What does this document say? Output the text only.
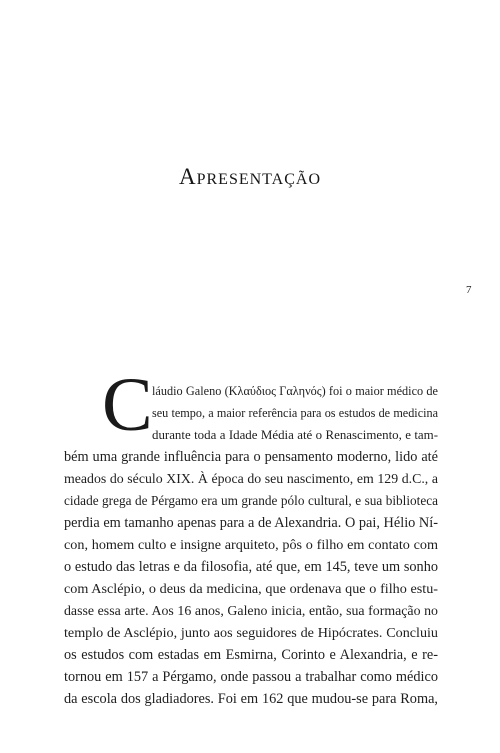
Apresentação
7
C láudio Galeno (Κλαύδιος Γαληνός) foi o maior médico de
seu tempo, a maior referência para os estudos de medicina
durante toda a Idade Média até o Renascimento, e tam-
bém uma grande influência para o pensamento moderno, lido até
meados do século XIX. À época do seu nascimento, em 129 d.C., a
cidade grega de Pérgamo era um grande pólo cultural, e sua biblioteca
perdia em tamanho apenas para a de Alexandria. O pai, Hélio Ní-
con, homem culto e insigne arquiteto, pôs o filho em contato com
o estudo das letras e da filosofia, até que, em 145, teve um sonho
com Asclépio, o deus da medicina, que ordenava que o filho estu-
dasse essa arte. Aos 16 anos, Galeno inicia, então, sua formação no
templo de Asclépio, junto aos seguidores de Hipócrates. Concluiu
os estudos com estadas em Esmirna, Corinto e Alexandria, e re-
tornou em 157 a Pérgamo, onde passou a trabalhar como médico
da escola dos gladiadores. Foi em 162 que mudou-se para Roma,
